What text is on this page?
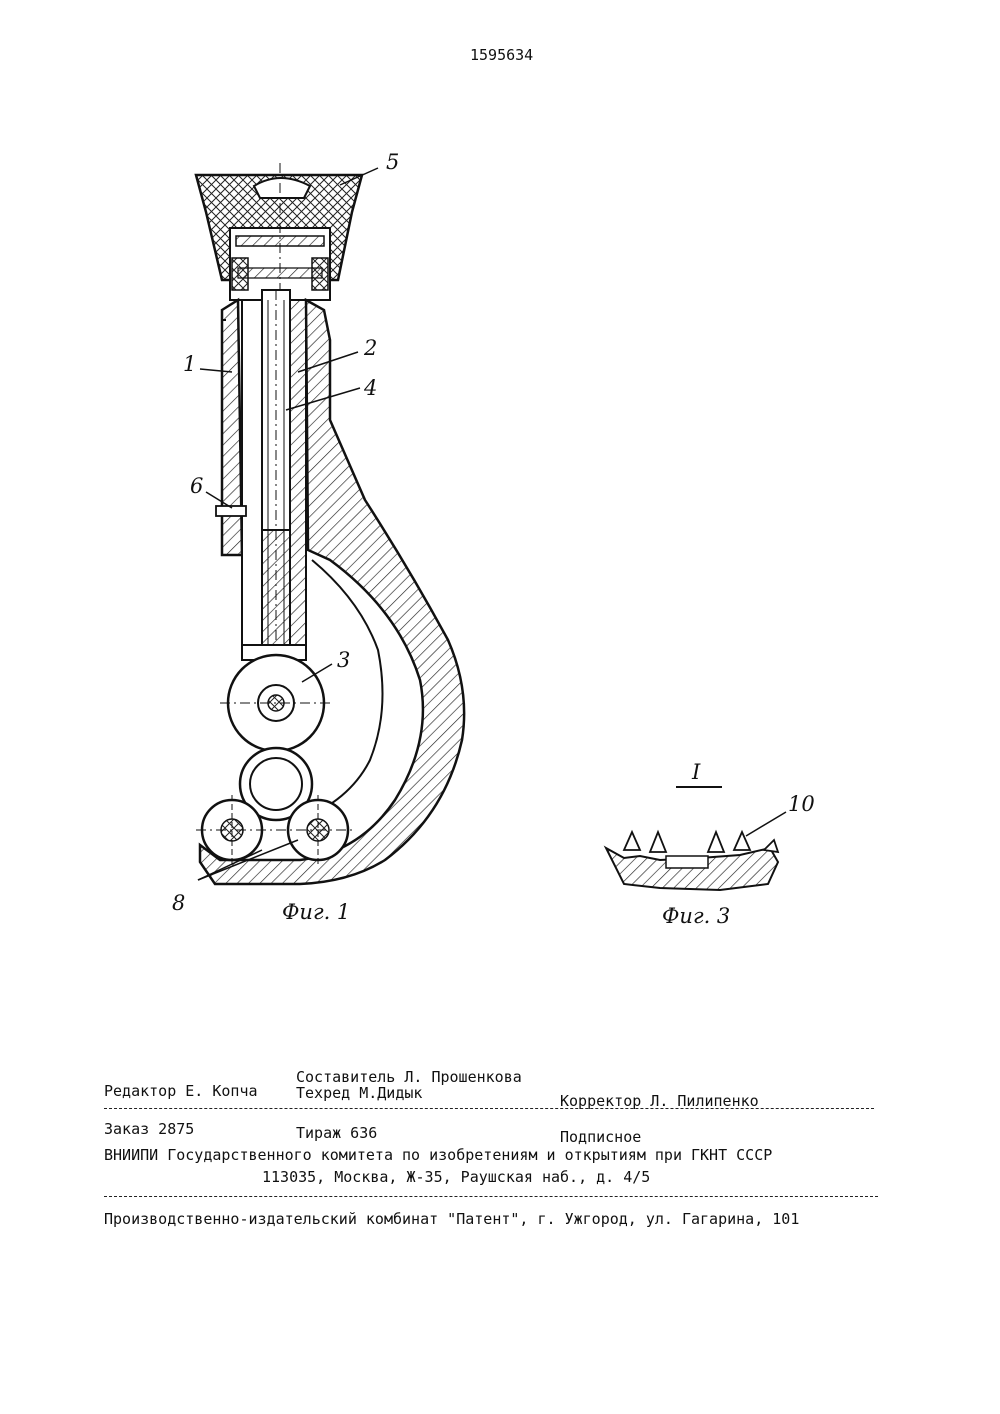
1595634
5
1
2
4
6
3
8	Фиг. 1
I
10
Фиг. 3
Составитель Л. Прошенкова
Редактор Е. Копча	Техред М.Дидык	Корректор Л. Пилипенко
Заказ 2875	Тираж 636	Подписное
ВНИИПИ Государственного комитета по изобретениям и открытиям при ГКНТ СССР
113035, Москва, Ж-35, Раушская наб., д. 4/5
Производственно-издательский комбинат "Патент", г. Ужгород, ул. Гагарина, 101
